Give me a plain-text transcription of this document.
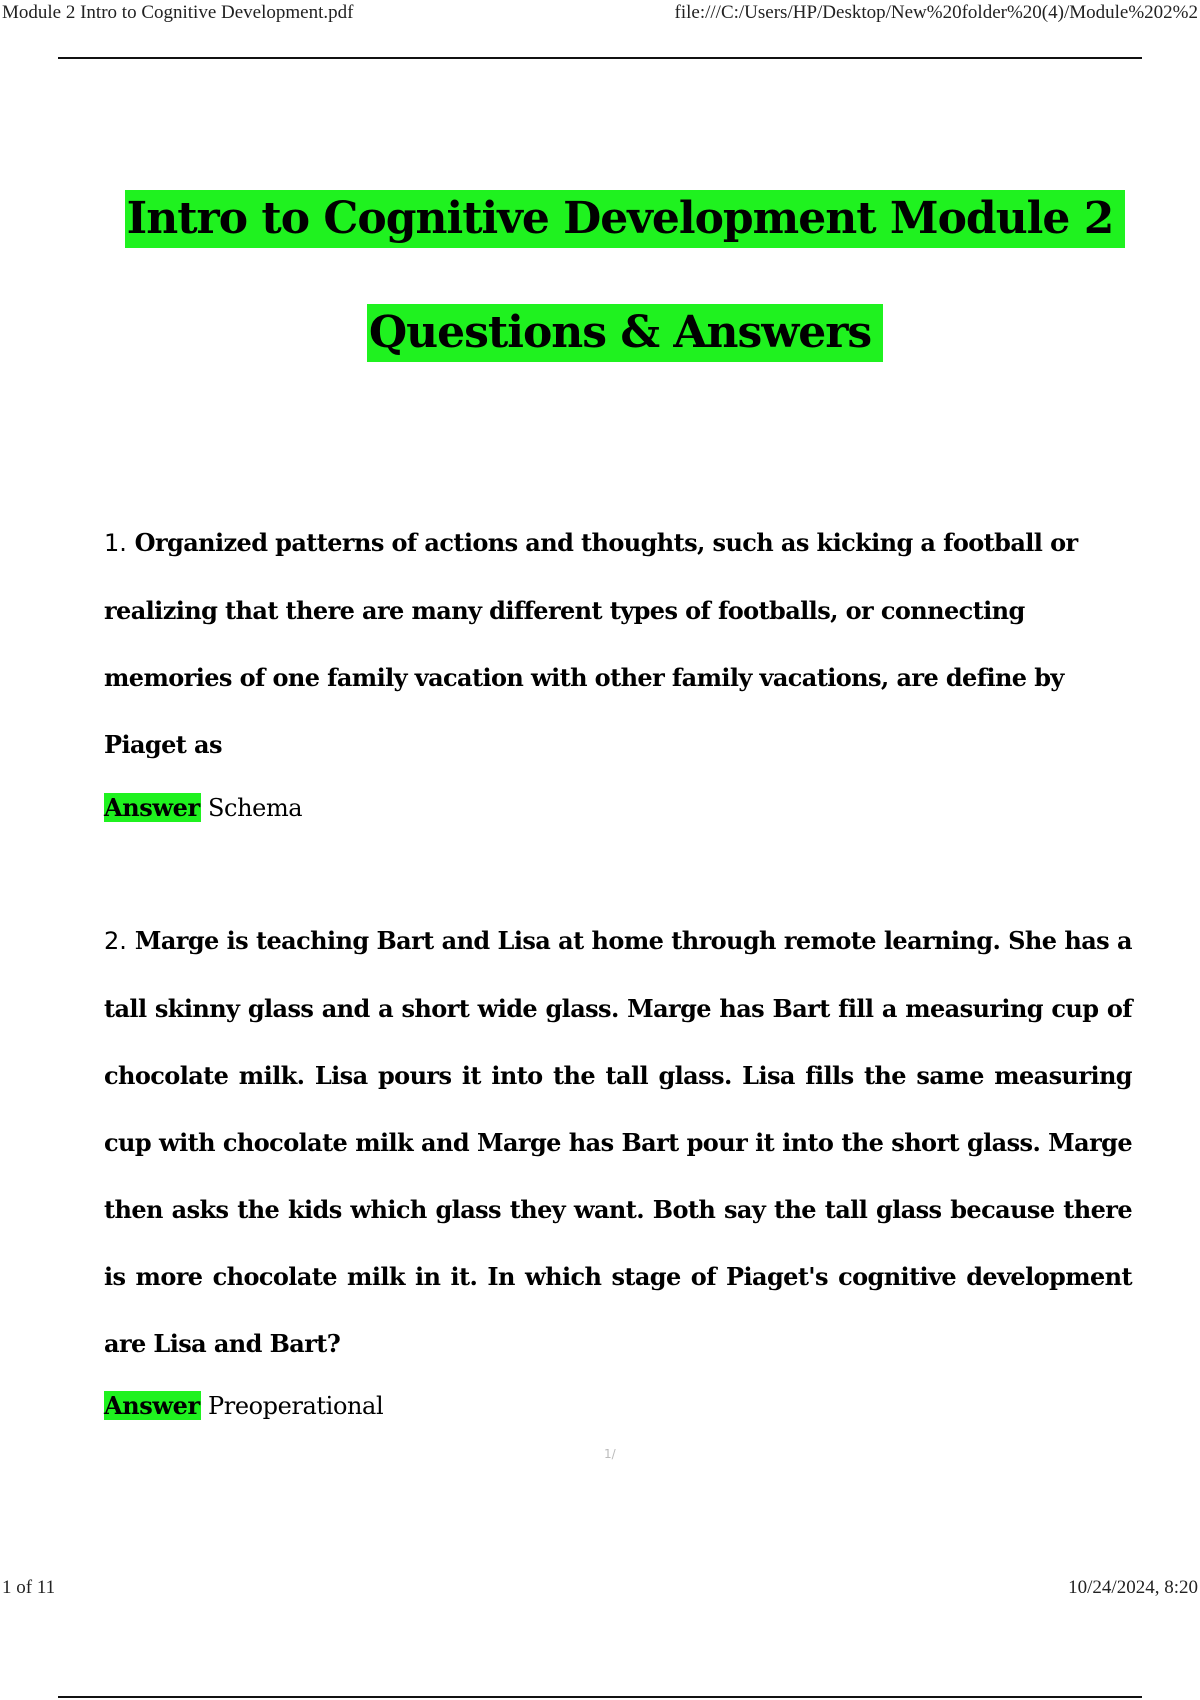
Module 2 Intro to Cognitive Development.pdf	file:///C:/Users/HP/Desktop/New%20folder%20(4)/Module%202%2
Intro to Cognitive Development Module 2
Questions & Answers
1. Organized patterns of actions and thoughts, such as kicking a football or realizing that there are many different types of footballs, or connecting memories of one family vacation with other family vacations, are define by Piaget as
Answer Schema
2. Marge is teaching Bart and Lisa at home through remote learning. She has a tall skinny glass and a short wide glass. Marge has Bart fill a measuring cup of chocolate milk. Lisa pours it into the tall glass. Lisa fills the same measuring cup with chocolate milk and Marge has Bart pour it into the short glass. Marge then asks the kids which glass they want. Both say the tall glass because there is more chocolate milk in it. In which stage of Piaget's cognitive development are Lisa and Bart?
Answer Preoperational
1/
1 of 11	10/24/2024, 8:20
